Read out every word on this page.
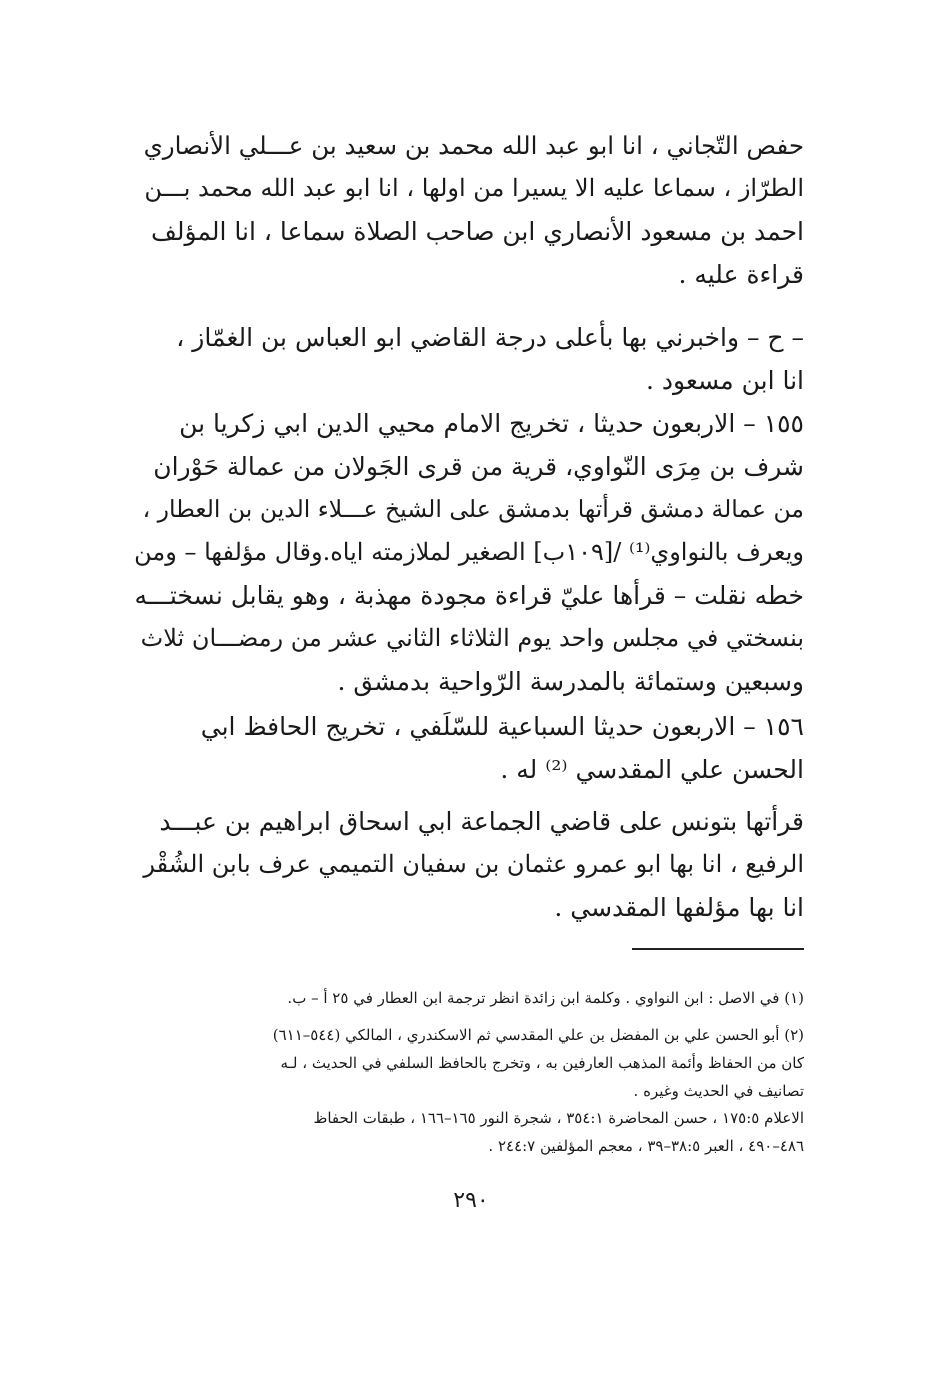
حفص التّجاني ، انا ابو عبد الله محمد بن سعيد بن عـــلي الأنصاري
الطرّاز ، سماعا عليه الا يسيرا من اولها ، انا ابو عبد الله محمد بـــن
احمد بن مسعود الأنصاري ابن صاحب الصلاة سماعا ، انا المؤلف
قراءة عليه .
– ح – واخبرني بها بأعلى درجة القاضي ابو العباس بن الغمّاز ،
انا ابن مسعود .
١٥٥ – الاربعون حديثا ، تخريج الامام محيي الدين ابي زكريا بن
شرف بن مِرَى النّواوي، قرية من قرى الجَولان من عمالة حَوْران
من عمالة دمشق قرأتها بدمشق على الشيخ عـــلاء الدين بن العطار ،
ويعرف بالنواوي⁽¹⁾ /[١٠٩ب] الصغير لملازمته اياه.وقال مؤلفها – ومن
خطه نقلت – قرأها عليّ قراءة مجودة مهذبة ، وهو يقابل نسختـــه
بنسختي في مجلس واحد يوم الثلاثاء الثاني عشر من رمضـــان ثلاث
وسبعين وستمائة بالمدرسة الرّواحية بدمشق .
١٥٦ – الاربعون حديثا السباعية للسّلَفي ، تخريج الحافظ ابي
الحسن علي المقدسي ⁽²⁾ له .
قرأتها بتونس على قاضي الجماعة ابي اسحاق ابراهيم بن عبـــد
الرفيع ، انا بها ابو عمرو عثمان بن سفيان التميمي عرف بابن الشُقْر
انا بها مؤلفها المقدسي .
(١) في الاصل : ابن النواوي . وكلمة ابن زائدة انظر ترجمة ابن العطار في ٢٥ أ – ب.
(٢) أبو الحسن علي بن المفضل بن علي المقدسي ثم الاسكندري ، المالكي (٥٤٤–٦١١)
كان من الحفاظ وأئمة المذهب العارفين به ، وتخرج بالحافظ السلفي في الحديث ، لـه
تصانيف في الحديث وغيره .
الاعلام ١٧٥:٥ ، حسن المحاضرة ٣٥٤:١ ، شجرة النور ١٦٥–١٦٦ ، طبقات الحفاظ
٤٨٦–٤٩٠ ، العبر ٣٨:٥–٣٩ ، معجم المؤلفين ٢٤٤:٧ .
٢٩٠
